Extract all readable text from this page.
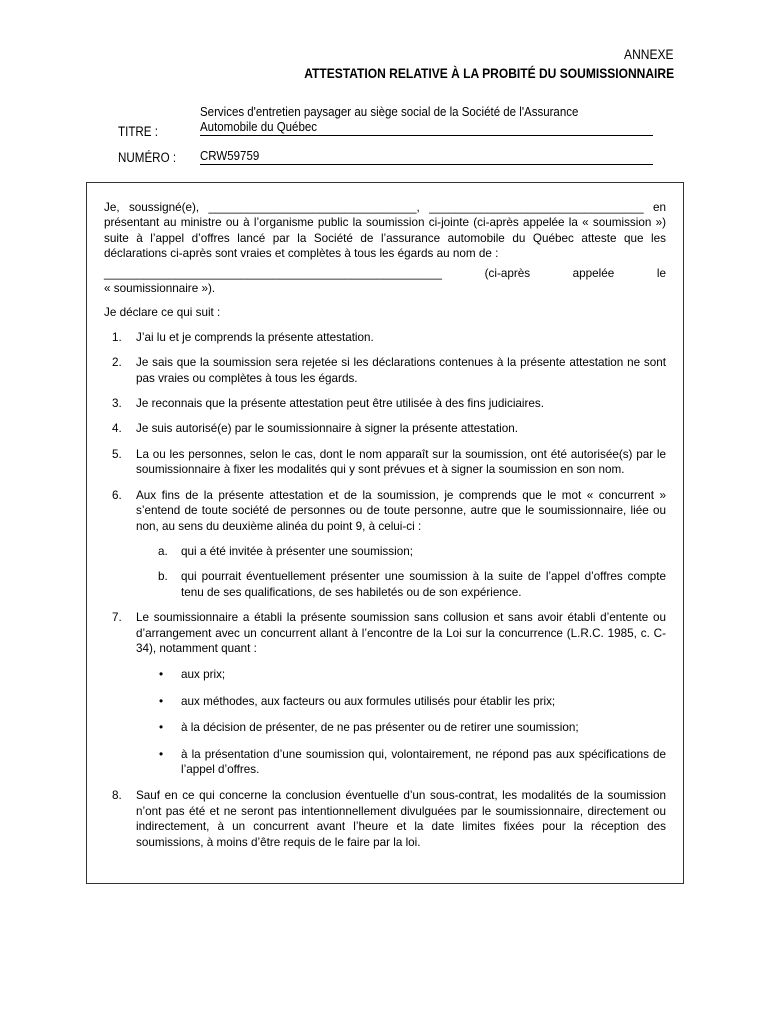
ANNEXE
ATTESTATION RELATIVE À LA PROBITÉ DU SOUMISSIONNAIRE
TITRE :
Services d'entretien paysager au siège social de la Société de l'Assurance
Automobile du Québec
NUMÉRO : CRW59759

Je, soussigné(e), ________________________________, _________________________________ en

présentant au ministre ou à l’organisme public la soumission ci-jointe (ci-après appelée la « soumission ») suite à l’appel d’offres lancé par la Société de l’assurance automobile du Québec atteste que les déclarations ci-après sont vraies et complètes à tous les égards au nom de :

____________________________________________________ (ci-après appelée le

« soumissionnaire »).

Je déclare ce qui suit :

1. J’ai lu et je comprends la présente attestation.
2. Je sais que la soumission sera rejetée si les déclarations contenues à la présente attestation ne sont pas vraies ou complètes à tous les égards.
3. Je reconnais que la présente attestation peut être utilisée à des fins judiciaires.
4. Je suis autorisé(e) par le soumissionnaire à signer la présente attestation.
5. La ou les personnes, selon le cas, dont le nom apparaît sur la soumission, ont été autorisée(s) par le soumissionnaire à fixer les modalités qui y sont prévues et à signer la soumission en son nom.
6. Aux fins de la présente attestation et de la soumission, je comprends que le mot « concurrent » s’entend de toute société de personnes ou de toute personne, autre que le soumissionnaire, liée ou non, au sens du deuxième alinéa du point 9, à celui-ci :
a. qui a été invitée à présenter une soumission;
b. qui pourrait éventuellement présenter une soumission à la suite de l’appel d’offres compte tenu de ses qualifications, de ses habiletés ou de son expérience.
7. Le soumissionnaire a établi la présente soumission sans collusion et sans avoir établi d’entente ou d’arrangement avec un concurrent allant à l’encontre de la Loi sur la concurrence (L.R.C. 1985, c. C-34), notamment quant :
• aux prix;
• aux méthodes, aux facteurs ou aux formules utilisés pour établir les prix;
• à la décision de présenter, de ne pas présenter ou de retirer une soumission;
• à la présentation d’une soumission qui, volontairement, ne répond pas aux spécifications de l’appel d’offres.
8. Sauf en ce qui concerne la conclusion éventuelle d’un sous-contrat, les modalités de la soumission n’ont pas été et ne seront pas intentionnellement divulguées par le soumissionnaire, directement ou indirectement, à un concurrent avant l’heure et la date limites fixées pour la réception des soumissions, à moins d’être requis de le faire par la loi.
